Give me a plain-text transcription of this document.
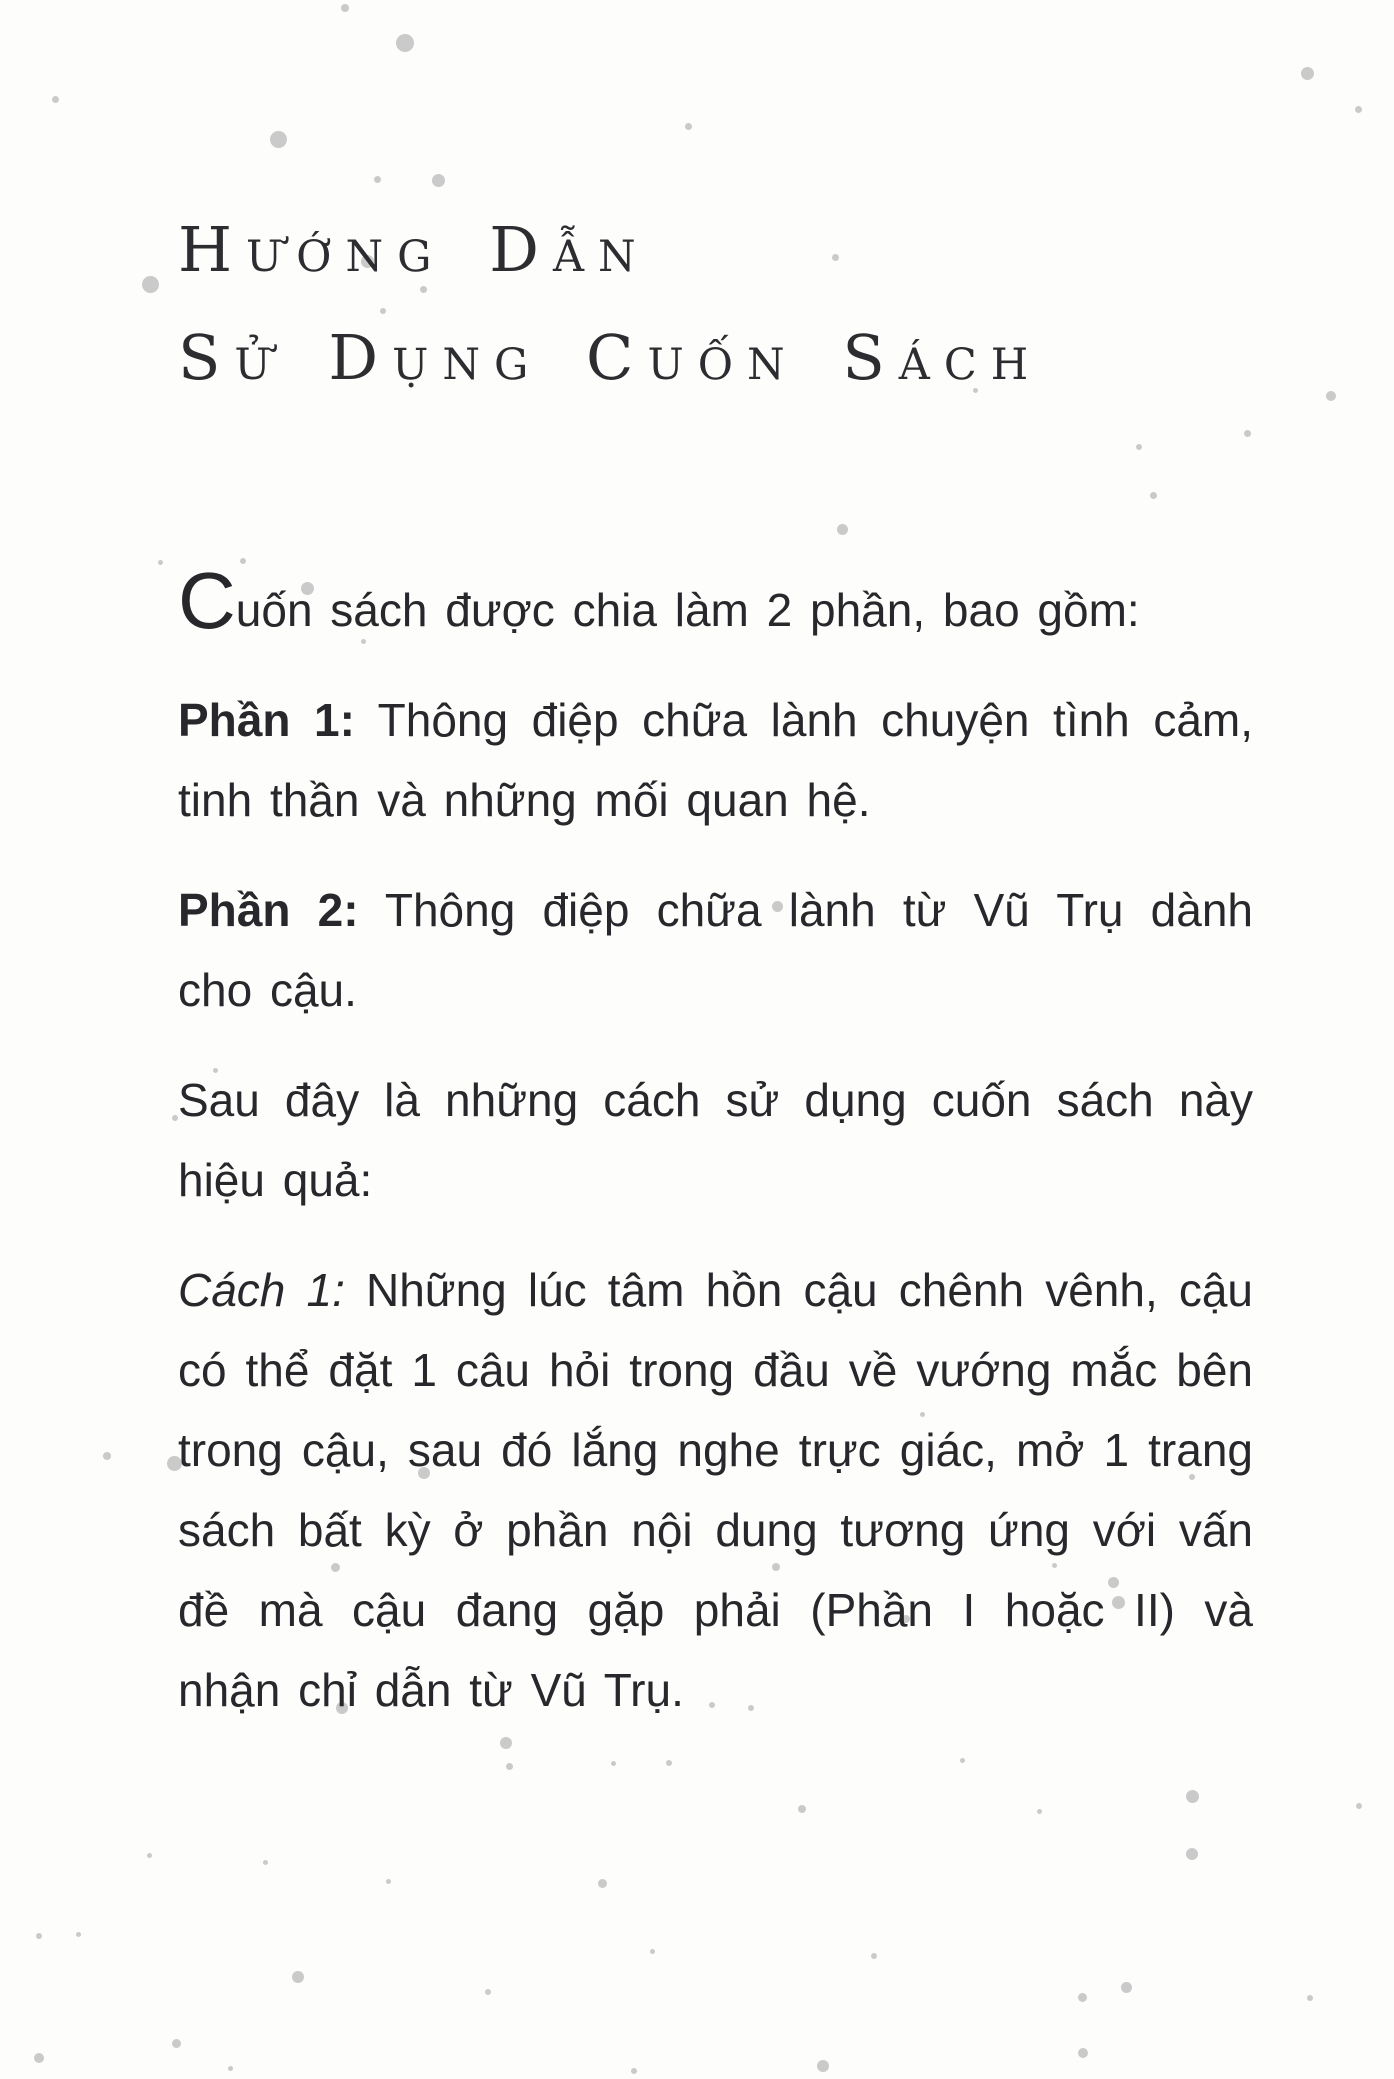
Hướng Dẫn
Sử Dụng Cuốn Sách

Cuốn sách được chia làm 2 phần, bao gồm:

Phần 1: Thông điệp chữa lành chuyện tình cảm, tinh thần và những mối quan hệ.

Phần 2: Thông điệp chữa lành từ Vũ Trụ dành cho cậu.

Sau đây là những cách sử dụng cuốn sách này hiệu quả:

Cách 1: Những lúc tâm hồn cậu chênh vênh, cậu có thể đặt 1 câu hỏi trong đầu về vướng mắc bên trong cậu, sau đó lắng nghe trực giác, mở 1 trang sách bất kỳ ở phần nội dung tương ứng với vấn đề mà cậu đang gặp phải (Phần I hoặc II) và nhận chỉ dẫn từ Vũ Trụ.
